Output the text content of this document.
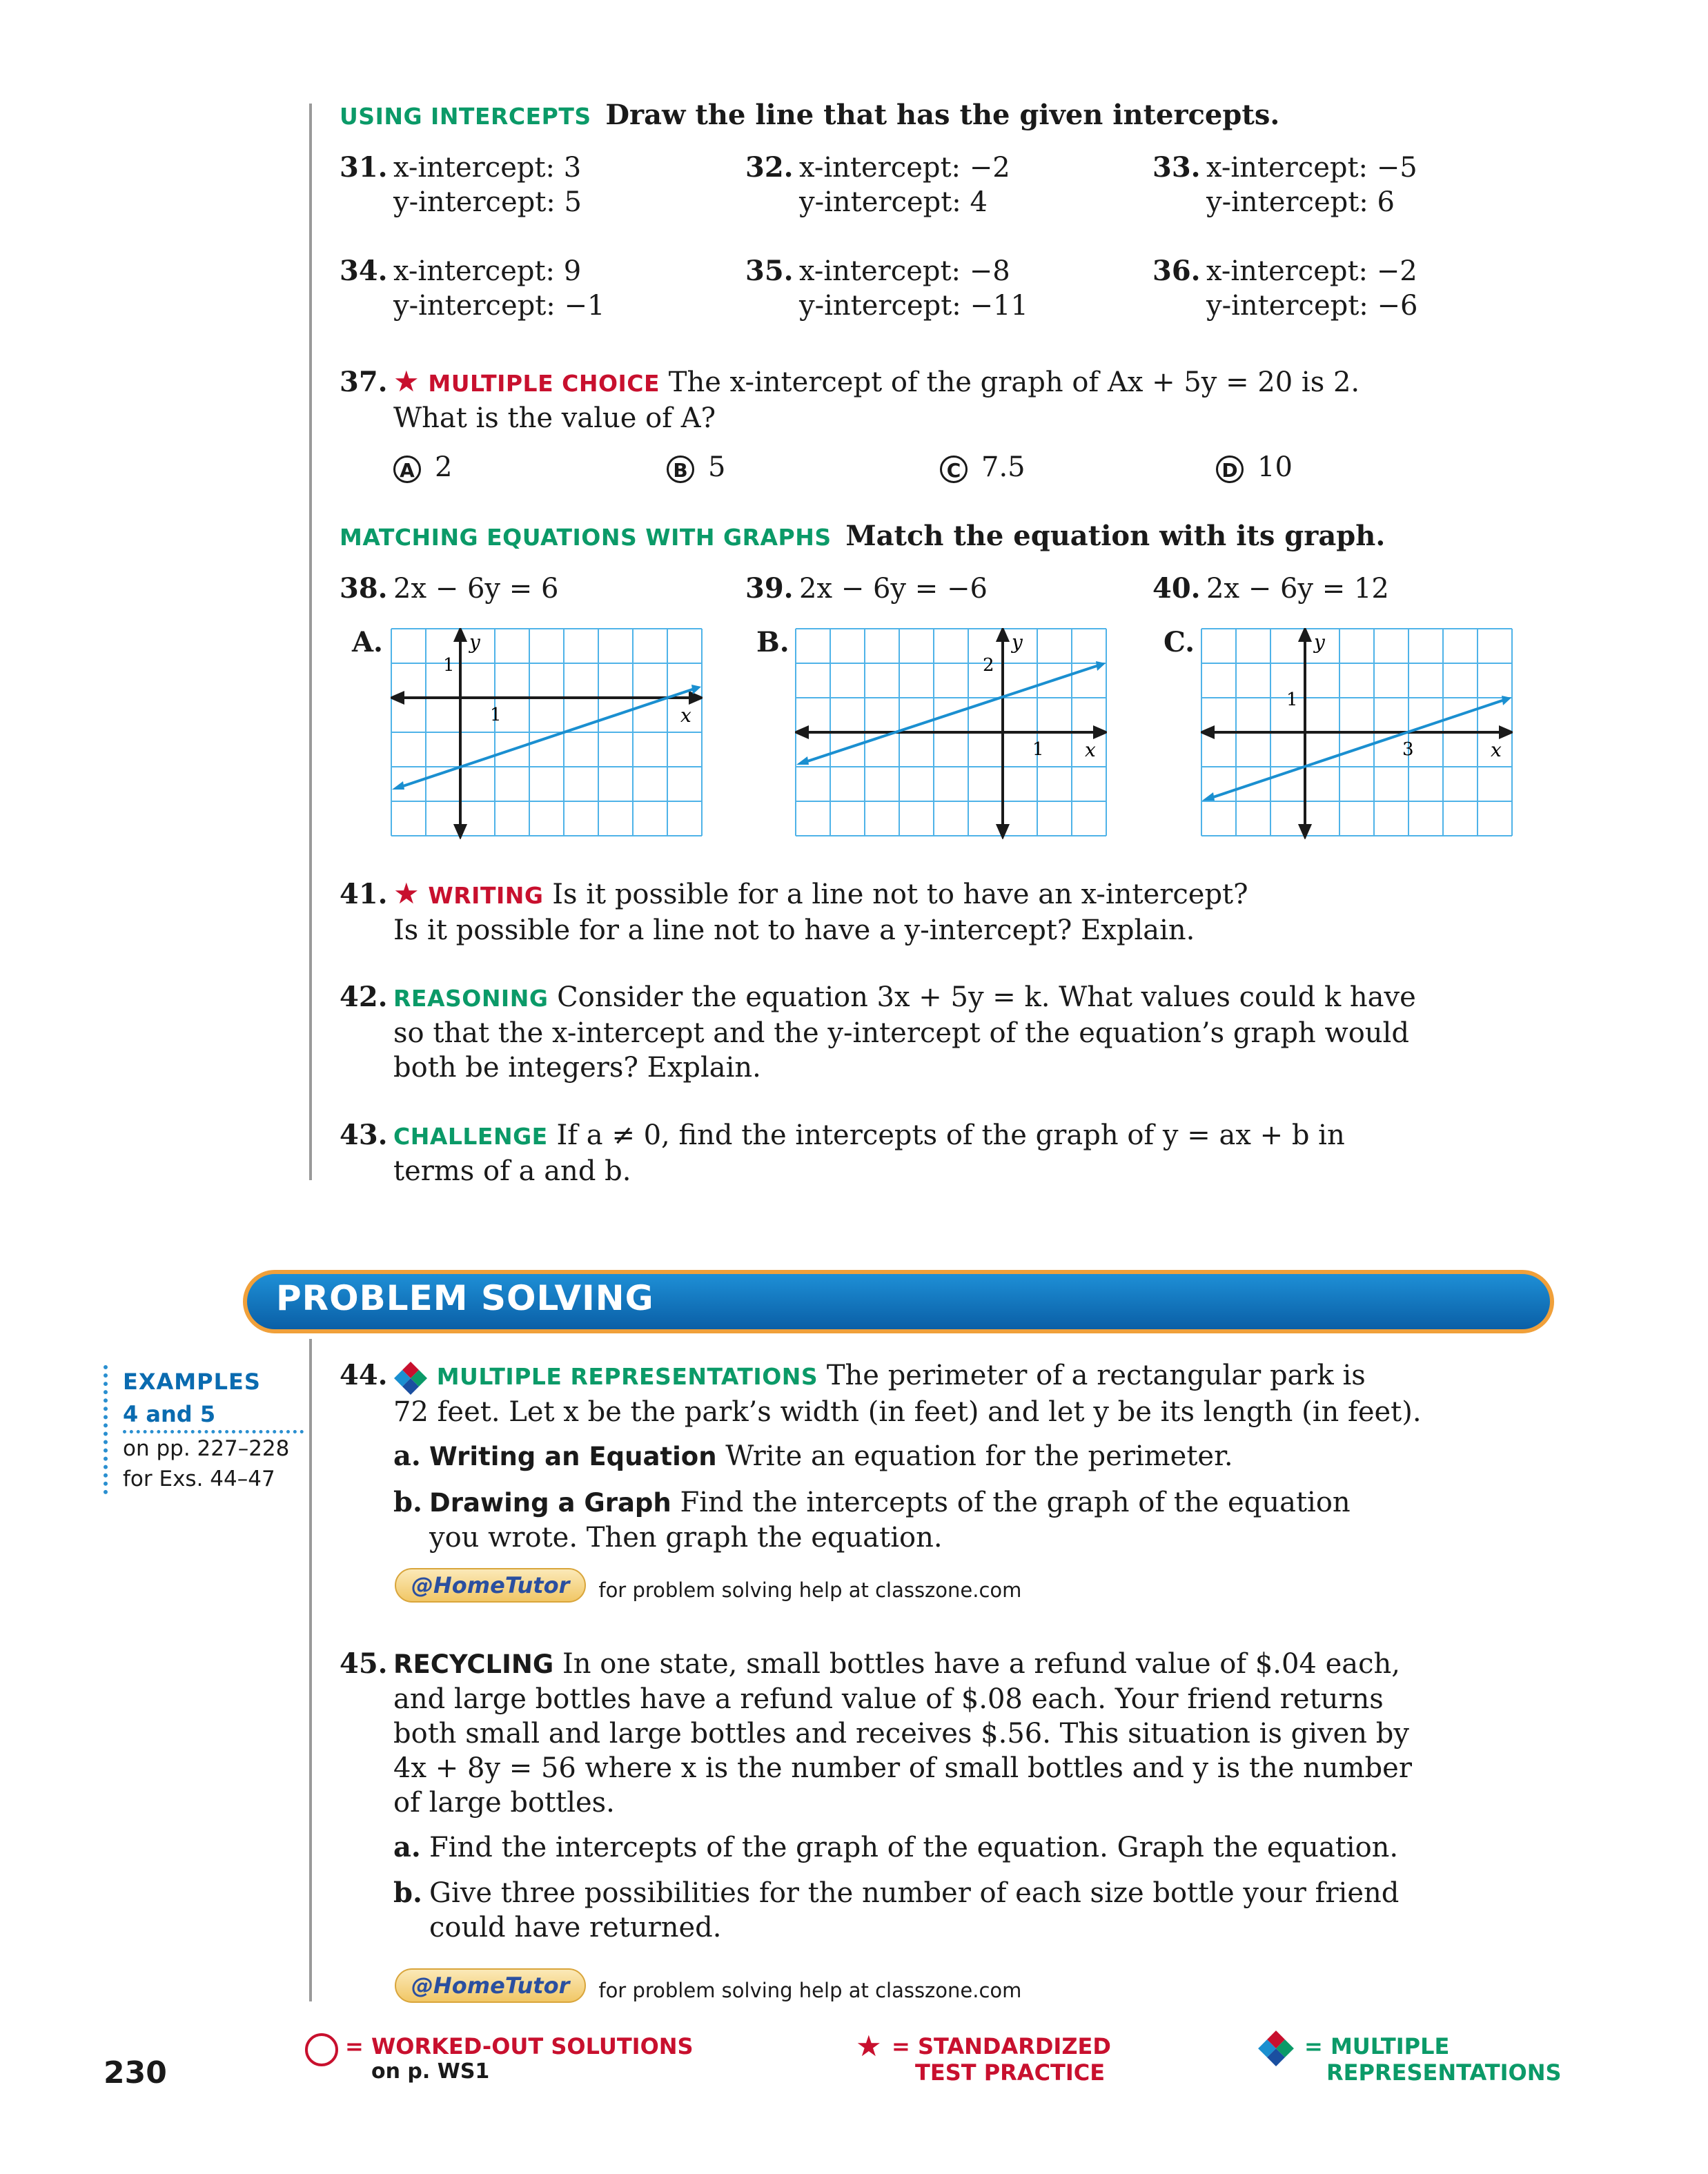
USING INTERCEPTS Draw the line that has the given intercepts.
31. x-intercept: 3
y-intercept: 5
32. x-intercept: −2
y-intercept: 4
33. x-intercept: −5
y-intercept: 6
34. x-intercept: 9
y-intercept: −1
35. x-intercept: −8
y-intercept: −11
36. x-intercept: −2
y-intercept: −6
37. ★ MULTIPLE CHOICE The x-intercept of the graph of Ax + 5y = 20 is 2.
What is the value of A?
A 2	B 5	C 7.5	D 10
MATCHING EQUATIONS WITH GRAPHS Match the equation with its graph.
38. 2x − 6y = 6	39. 2x − 6y = −6	40. 2x − 6y = 12
A.	B.	C.
y
x
1
1
y
x
2
1
y
x
1
3
41. ★ WRITING Is it possible for a line not to have an x-intercept?
Is it possible for a line not to have a y-intercept? Explain.
42. REASONING Consider the equation 3x + 5y = k. What values could k have
so that the x-intercept and the y-intercept of the equation’s graph would
both be integers? Explain.
43. CHALLENGE If a ≠ 0, find the intercepts of the graph of y = ax + b in
terms of a and b.
PROBLEM SOLVING
EXAMPLES
4 and 5
on pp. 227–228
for Exs. 44–47
44. MULTIPLE REPRESENTATIONS The perimeter of a rectangular park is
72 feet. Let x be the park’s width (in feet) and let y be its length (in feet).
a. Writing an Equation Write an equation for the perimeter.
b. Drawing a Graph Find the intercepts of the graph of the equation
you wrote. Then graph the equation.
@HomeTutor for problem solving help at classzone.com
45. RECYCLING In one state, small bottles have a refund value of $.04 each,
and large bottles have a refund value of $.08 each. Your friend returns
both small and large bottles and receives $.56. This situation is given by
4x + 8y = 56 where x is the number of small bottles and y is the number
of large bottles.
a. Find the intercepts of the graph of the equation. Graph the equation.
b. Give three possibilities for the number of each size bottle your friend
could have returned.
@HomeTutor for problem solving help at classzone.com
230
= WORKED-OUT SOLUTIONS
on p. WS1
★ = STANDARDIZED
TEST PRACTICE
= MULTIPLE
REPRESENTATIONS
